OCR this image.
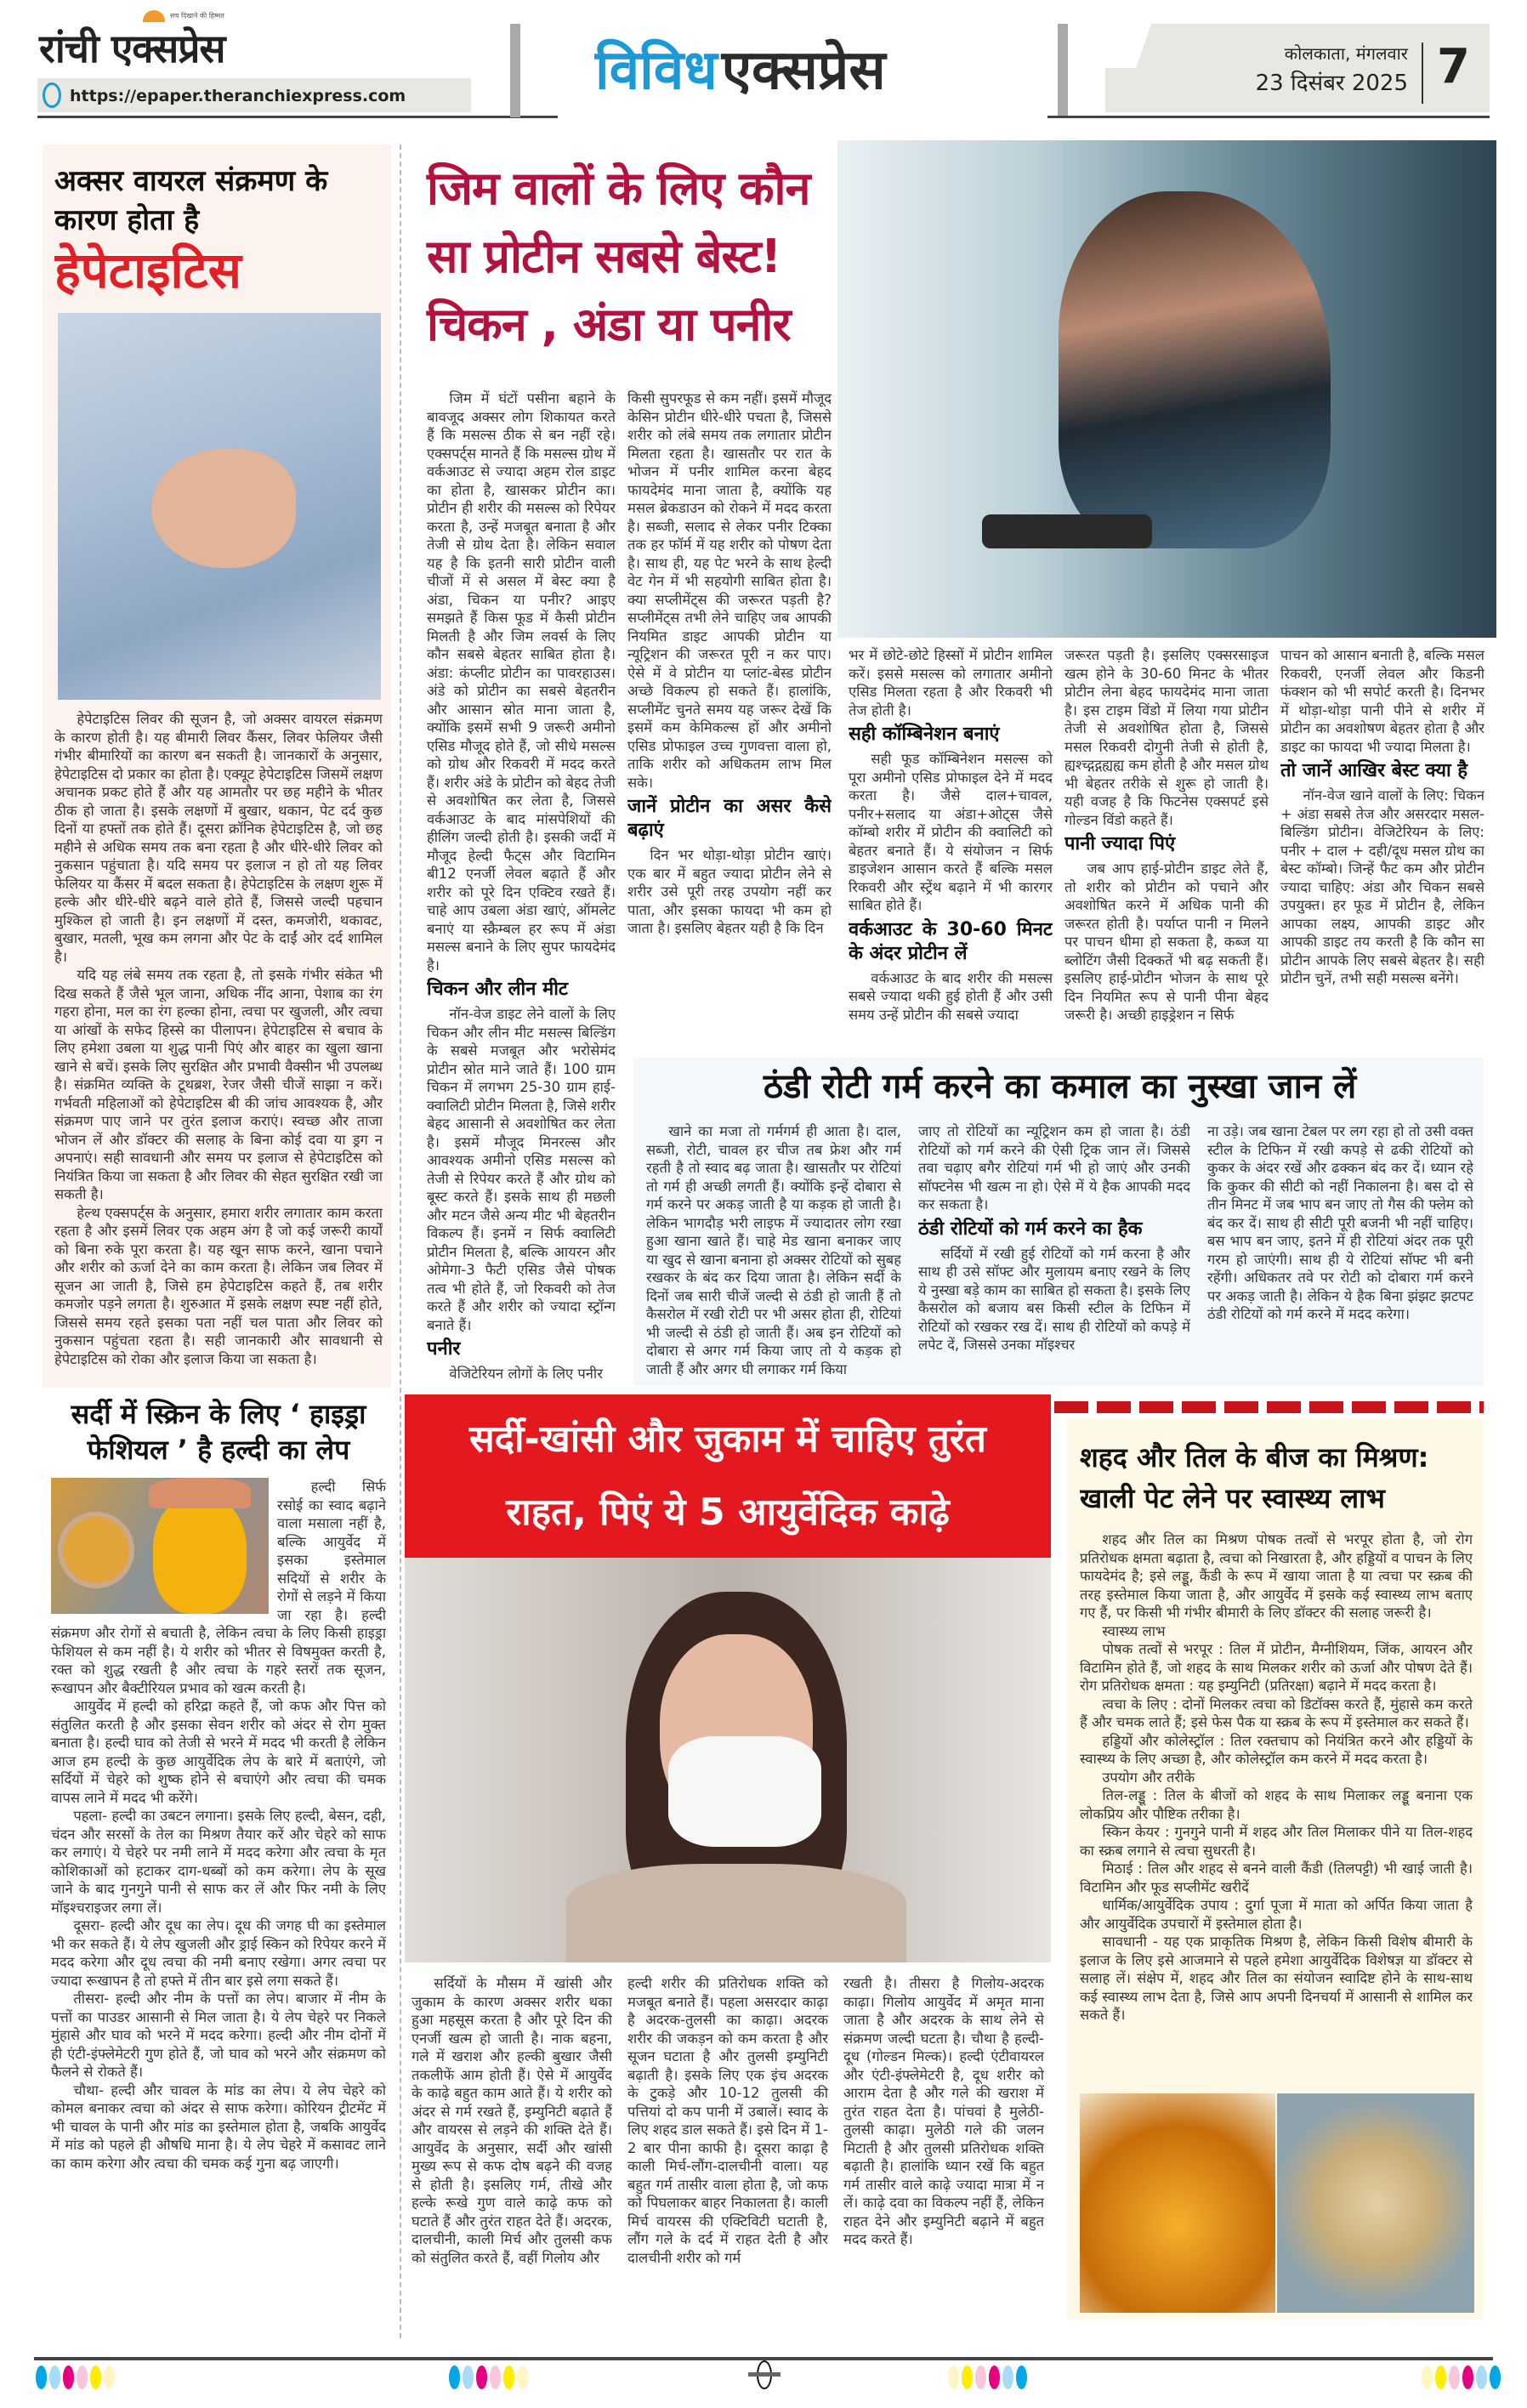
सच दिखाने की हिम्मत
रांची एक्सप्रेस
https://epaper.theranchiexpress.com	विविध एक्सप्रेस	कोलकाता, मंगलवार
23 दिसंबर 2025 7
अक्सर वायरल संक्रमण के
कारण होता है
हेपेटाइटिस

हेपेटाइटिस लिवर की सूजन है, जो अक्सर वायरल संक्रमण के कारण होती है। यह बीमारी लिवर कैंसर, लिवर फेलियर जैसी गंभीर बीमारियों का कारण बन सकती है। जानकारों के अनुसार, हेपेटाइटिस दो प्रकार का होता है। एक्यूट हेपेटाइटिस जिसमें लक्षण अचानक प्रकट होते हैं और यह आमतौर पर छह महीने के भीतर ठीक हो जाता है। इसके लक्षणों में बुखार, थकान, पेट दर्द कुछ दिनों या हफ्तों तक होते हैं। दूसरा क्रॉनिक हेपेटाइटिस है, जो छह महीने से अधिक समय तक बना रहता है और धीरे-धीरे लिवर को नुकसान पहुंचाता है। यदि समय पर इलाज न हो तो यह लिवर फेलियर या कैंसर में बदल सकता है। हेपेटाइटिस के लक्षण शुरू में हल्के और धीरे-धीरे बढ़ने वाले होते हैं, जिससे जल्दी पहचान मुश्किल हो जाती है। इन लक्षणों में दस्त, कमजोरी, थकावट, बुखार, मतली, भूख कम लगना और पेट के दाईं ओर दर्द शामिल है।

यदि यह लंबे समय तक रहता है, तो इसके गंभीर संकेत भी दिख सकते हैं जैसे भूल जाना, अधिक नींद आना, पेशाब का रंग गहरा होना, मल का रंग हल्का होना, त्वचा पर खुजली, और त्वचा या आंखों के सफेद हिस्से का पीलापन। हेपेटाइटिस से बचाव के लिए हमेशा उबला या शुद्ध पानी पिएं और बाहर का खुला खाना खाने से बचें। इसके लिए सुरक्षित और प्रभावी वैक्सीन भी उपलब्ध है। संक्रमित व्यक्ति के टूथब्रश, रेजर जैसी चीजें साझा न करें। गर्भवती महिलाओं को हेपेटाइटिस बी की जांच आवश्यक है, और संक्रमण पाए जाने पर तुरंत इलाज कराएं। स्वच्छ और ताजा भोजन लें और डॉक्टर की सलाह के बिना कोई दवा या ड्रग न अपनाएं। सही सावधानी और समय पर इलाज से हेपेटाइटिस को नियंत्रित किया जा सकता है और लिवर की सेहत सुरक्षित रखी जा सकती है।

हेल्थ एक्सपर्ट्स के अनुसार, हमारा शरीर लगातार काम करता रहता है और इसमें लिवर एक अहम अंग है जो कई जरूरी कार्यों को बिना रुके पूरा करता है। यह खून साफ करने, खाना पचाने और शरीर को ऊर्जा देने का काम करता है। लेकिन जब लिवर में सूजन आ जाती है, जिसे हम हेपेटाइटिस कहते हैं, तब शरीर कमजोर पड़ने लगता है। शुरुआत में इसके लक्षण स्पष्ट नहीं होते, जिससे समय रहते इसका पता नहीं चल पाता और लिवर को नुकसान पहुंचता रहता है। सही जानकारी और सावधानी से हेपेटाइटिस को रोका और इलाज किया जा सकता है।

सर्दी में स्क्रिन के लिए ‘ हाइड्रा फेशियल ’ है हल्दी का लेप

हल्दी सिर्फ रसोई का स्वाद बढ़ाने वाला मसाला नहीं है, बल्कि आयुर्वेद में इसका इस्तेमाल सदियों से शरीर के रोगों से लड़ने में किया जा रहा है। हल्दी संक्रमण और रोगों से बचाती है, लेकिन त्वचा के लिए किसी हाइड्रा फेशियल से कम नहीं है। ये शरीर को भीतर से विषमुक्त करती है, रक्त को शुद्ध रखती है और त्वचा के गहरे स्तरों तक सूजन, रूखापन और बैक्टीरियल प्रभाव को खत्म करती है।

आयुर्वेद में हल्दी को हरिद्रा कहते हैं, जो कफ और पित्त को संतुलित करती है और इसका सेवन शरीर को अंदर से रोग मुक्त बनाता है। हल्दी घाव को तेजी से भरने में मदद भी करती है लेकिन आज हम हल्दी के कुछ आयुर्वेदिक लेप के बारे में बताएंगे, जो सर्दियों में चेहरे को शुष्क होने से बचाएंगे और त्वचा की चमक वापस लाने में मदद भी करेंगे।

पहला- हल्दी का उबटन लगाना। इसके लिए हल्दी, बेसन, दही, चंदन और सरसों के तेल का मिश्रण तैयार करें और चेहरे को साफ कर लगाएं। ये चेहरे पर नमी लाने में मदद करेगा और त्वचा के मृत कोशिकाओं को हटाकर दाग-धब्बों को कम करेगा। लेप के सूख जाने के बाद गुनगुने पानी से साफ कर लें और फिर नमी के लिए मॉइश्चराइजर लगा लें।

दूसरा- हल्दी और दूध का लेप। दूध की जगह घी का इस्तेमाल भी कर सकते हैं। ये लेप खुजली और ड्राई स्किन को रिपेयर करने में मदद करेगा और दूध त्वचा की नमी बनाए रखेगा। अगर त्वचा पर ज्यादा रूखापन है तो हफ्ते में तीन बार इसे लगा सकते हैं।

तीसरा- हल्दी और नीम के पत्तों का लेप। बाजार में नीम के पत्तों का पाउडर आसानी से मिल जाता है। ये लेप चेहरे पर निकले मुंहासे और घाव को भरने में मदद करेगा। हल्दी और नीम दोनों में ही एंटी-इंफ्लेमेटरी गुण होते हैं, जो घाव को भरने और संक्रमण को फैलने से रोकते हैं।

चौथा- हल्दी और चावल के मांड का लेप। ये लेप चेहरे को कोमल बनाकर त्वचा को अंदर से साफ करेगा। कोरियन ट्रीटमेंट में भी चावल के पानी और मांड का इस्तेमाल होता है, जबकि आयुर्वेद में मांड को पहले ही औषधि माना है। ये लेप चेहरे में कसावट लाने का काम करेगा और त्वचा की चमक कई गुना बढ़ जाएगी।

जिम वालों के लिए कौन
सा प्रोटीन सबसे बेस्ट!
चिकन , अंडा या पनीर

जिम में घंटों पसीना बहाने के बावजूद अक्सर लोग शिकायत करते हैं कि मसल्स ठीक से बन नहीं रहे। एक्सपर्ट्स मानते हैं कि मसल्स ग्रोथ में वर्कआउट से ज्यादा अहम रोल डाइट का होता है, खासकर प्रोटीन का। प्रोटीन ही शरीर की मसल्स को रिपेयर करता है, उन्हें मजबूत बनाता है और तेजी से ग्रोथ देता है। लेकिन सवाल यह है कि इतनी सारी प्रोटीन वाली चीजों में से असल में बेस्ट क्या है अंडा, चिकन या पनीर? आइए समझते हैं किस फूड में कैसी प्रोटीन मिलती है और जिम लवर्स के लिए कौन सबसे बेहतर साबित होता है। अंडा: कंप्लीट प्रोटीन का पावरहाउस। अंडे को प्रोटीन का सबसे बेहतरीन और आसान स्रोत माना जाता है, क्योंकि इसमें सभी 9 जरूरी अमीनो एसिड मौजूद होते हैं, जो सीधे मसल्स को ग्रोथ और रिकवरी में मदद करते हैं। शरीर अंडे के प्रोटीन को बेहद तेजी से अवशोषित कर लेता है, जिससे वर्कआउट के बाद मांसपेशियों की हीलिंग जल्दी होती है। इसकी जर्दी में मौजूद हेल्दी फैट्स और विटामिन बी12 एनर्जी लेवल बढ़ाते हैं और शरीर को पूरे दिन एक्टिव रखते हैं। चाहे आप उबला अंडा खाएं, ऑमलेट बनाएं या स्क्रैम्बल हर रूप में अंडा मसल्स बनाने के लिए सुपर फायदेमंद है।

चिकन और लीन मीट

नॉन-वेज डाइट लेने वालों के लिए चिकन और लीन मीट मसल्स बिल्डिंग के सबसे मजबूत और भरोसेमंद प्रोटीन स्रोत माने जाते हैं। 100 ग्राम चिकन में लगभग 25-30 ग्राम हाई-क्वालिटी प्रोटीन मिलता है, जिसे शरीर बेहद आसानी से अवशोषित कर लेता है। इसमें मौजूद मिनरल्स और आवश्यक अमीनो एसिड मसल्स को तेजी से रिपेयर करते हैं और ग्रोथ को बूस्ट करते हैं। इसके साथ ही मछली और मटन जैसे अन्य मीट भी बेहतरीन विकल्प हैं। इनमें न सिर्फ क्वालिटी प्रोटीन मिलता है, बल्कि आयरन और ओमेगा-3 फैटी एसिड जैसे पोषक तत्व भी होते हैं, जो रिकवरी को तेज करते हैं और शरीर को ज्यादा स्ट्रॉन्ग बनाते हैं।

पनीर

वेजिटेरियन लोगों के लिए पनीर

किसी सुपरफूड से कम नहीं। इसमें मौजूद केसिन प्रोटीन धीरे-धीरे पचता है, जिससे शरीर को लंबे समय तक लगातार प्रोटीन मिलता रहता है। खासतौर पर रात के भोजन में पनीर शामिल करना बेहद फायदेमंद माना जाता है, क्योंकि यह मसल ब्रेकडाउन को रोकने में मदद करता है। सब्जी, सलाद से लेकर पनीर टिक्का तक हर फॉर्म में यह शरीर को पोषण देता है। साथ ही, यह पेट भरने के साथ हेल्दी वेट गेन में भी सहयोगी साबित होता है। क्या सप्लीमेंट्स की जरूरत पड़ती है? सप्लीमेंट्स तभी लेने चाहिए जब आपकी नियमित डाइट आपकी प्रोटीन या न्यूट्रिशन की जरूरत पूरी न कर पाए। ऐसे में वे प्रोटीन या प्लांट-बेस्ड प्रोटीन अच्छे विकल्प हो सकते हैं। हालांकि, सप्लीमेंट चुनते समय यह जरूर देखें कि इसमें कम केमिकल्स हों और अमीनो एसिड प्रोफाइल उच्च गुणवत्ता वाला हो, ताकि शरीर को अधिकतम लाभ मिल सके।

जानें प्रोटीन का असर कैसे बढ़ाएं

दिन भर थोड़ा-थोड़ा प्रोटीन खाएं। एक बार में बहुत ज्यादा प्रोटीन लेने से शरीर उसे पूरी तरह उपयोग नहीं कर पाता, और इसका फायदा भी कम हो जाता है। इसलिए बेहतर यही है कि दिन

भर में छोटे-छोटे हिस्सों में प्रोटीन शामिल करें। इससे मसल्स को लगातार अमीनो एसिड मिलता रहता है और रिकवरी भी तेज होती है।

सही कॉम्बिनेशन बनाएं

सही फूड कॉम्बिनेशन मसल्स को पूरा अमीनो एसिड प्रोफाइल देने में मदद करता है। जैसे दाल+चावल, पनीर+सलाद या अंडा+ओट्स जैसे कॉम्बो शरीर में प्रोटीन की क्वालिटी को बेहतर बनाते हैं। ये संयोजन न सिर्फ डाइजेशन आसान करते हैं बल्कि मसल रिकवरी और स्ट्रेंथ बढ़ाने में भी कारगर साबित होते हैं।

वर्कआउट के 30-60 मिनट के अंदर प्रोटीन लें

वर्कआउट के बाद शरीर की मसल्स सबसे ज्यादा थकी हुई होती हैं और उसी समय उन्हें प्रोटीन की सबसे ज्यादा

जरूरत पड़ती है। इसलिए एक्सरसाइज खत्म होने के 30-60 मिनट के भीतर प्रोटीन लेना बेहद फायदेमंद माना जाता है। इस टाइम विंडो में लिया गया प्रोटीन तेजी से अवशोषित होता है, जिससे मसल रिकवरी दोगुनी तेजी से होती है, ह्यश्च्द्गद्गह्यह्य कम होती है और मसल ग्रोथ भी बेहतर तरीके से शुरू हो जाती है। यही वजह है कि फिटनेस एक्सपर्ट इसे गोल्डन विंडो कहते हैं।

पानी ज्यादा पिएं

जब आप हाई-प्रोटीन डाइट लेते हैं, तो शरीर को प्रोटीन को पचाने और अवशोषित करने में अधिक पानी की जरूरत होती है। पर्याप्त पानी न मिलने पर पाचन धीमा हो सकता है, कब्ज या ब्लोटिंग जैसी दिक्कतें भी बढ़ सकती हैं। इसलिए हाई-प्रोटीन भोजन के साथ पूरे दिन नियमित रूप से पानी पीना बेहद जरूरी है। अच्छी हाइड्रेशन न सिर्फ

पाचन को आसान बनाती है, बल्कि मसल रिकवरी, एनर्जी लेवल और किडनी फंक्शन को भी सपोर्ट करती है। दिनभर में थोड़ा-थोड़ा पानी पीने से शरीर में प्रोटीन का अवशोषण बेहतर होता है और डाइट का फायदा भी ज्यादा मिलता है।

तो जानें आखिर बेस्ट क्या है

नॉन-वेज खाने वालों के लिए: चिकन + अंडा सबसे तेज और असरदार मसल-बिल्डिंग प्रोटीन। वेजिटेरियन के लिए: पनीर + दाल + दही/दूध मसल ग्रोथ का बेस्ट कॉम्बो। जिन्हें फैट कम और प्रोटीन ज्यादा चाहिए: अंडा और चिकन सबसे उपयुक्त। हर फूड में प्रोटीन है, लेकिन आपका लक्ष्य, आपकी डाइट और आपकी डाइट तय करती है कि कौन सा प्रोटीन आपके लिए सबसे बेहतर है। सही प्रोटीन चुनें, तभी सही मसल्स बनेंगे।

ठंडी रोटी गर्म करने का कमाल का नुस्खा जान लें

खाने का मजा तो गर्मगर्म ही आता है। दाल, सब्जी, रोटी, चावल हर चीज तब फ्रेश और गर्म रहती है तो स्वाद बढ़ जाता है। खासतौर पर रोटियां तो गर्म ही अच्छी लगती हैं। क्योंकि इन्हें दोबारा से गर्म करने पर अकड़ जाती है या कड़क हो जाती है। लेकिन भागदौड़ भरी लाइफ में ज्यादातर लोग रखा हुआ खाना खाते हैं। चाहे मेड खाना बनाकर जाए या खुद से खाना बनाना हो अक्सर रोटियों को सुबह रखकर के बंद कर दिया जाता है। लेकिन सर्दी के दिनों जब सारी चीजें जल्दी से ठंडी हो जाती हैं तो कैसरोल में रखी रोटी पर भी असर होता ही, रोटियां भी जल्दी से ठंडी हो जाती हैं। अब इन रोटियों को दोबारा से अगर गर्म किया जाए तो ये कड़क हो जाती हैं और अगर घी लगाकर गर्म किया

जाए तो रोटियों का न्यूट्रिशन कम हो जाता है। ठंडी रोटियों को गर्म करने की ऐसी ट्रिक जान लें। जिससे तवा चढ़ाए बगैर रोटियां गर्म भी हो जाएं और उनकी सॉफ्टनेस भी खत्म ना हो। ऐसे में ये हैक आपकी मदद कर सकता है।

ठंडी रोटियों को गर्म करने का हैक

सर्दियों में रखी हुई रोटियों को गर्म करना है और साथ ही उसे सॉफ्ट और मुलायम बनाए रखने के लिए ये नुस्खा बड़े काम का साबित हो सकता है। इसके लिए कैसरोल को बजाय बस किसी स्टील के टिफिन में रोटियों को रखकर रख दें। साथ ही रोटियों को कपड़े में लपेट दें, जिससे उनका मॉइश्चर

ना उड़े। जब खाना टेबल पर लग रहा हो तो उसी वक्त स्टील के टिफिन में रखी कपड़े से ढकी रोटियों को कुकर के अंदर रखें और ढक्कन बंद कर दें। ध्यान रहे कि कुकर की सीटी को नहीं निकालना है। बस दो से तीन मिनट में जब भाप बन जाए तो गैस की फ्लेम को बंद कर दें। साथ ही सीटी पूरी बजनी भी नहीं चाहिए। बस भाप बन जाए, इतने में ही रोटियां अंदर तक पूरी गरम हो जाएंगी। साथ ही ये रोटियां सॉफ्ट भी बनी रहेंगी। अधिकतर तवे पर रोटी को दोबारा गर्म करने पर अकड़ जाती है। लेकिन ये हैक बिना झंझट झटपट ठंडी रोटियों को गर्म करने में मदद करेगा।

सर्दी-खांसी और जुकाम में चाहिए तुरंत
राहत, पिएं ये 5 आयुर्वेदिक काढ़े

सर्दियों के मौसम में खांसी और जुकाम के कारण अक्सर शरीर थका हुआ महसूस करता है और पूरे दिन की एनर्जी खत्म हो जाती है। नाक बहना, गले में खराश और हल्की बुखार जैसी तकलीफें आम होती हैं। ऐसे में आयुर्वेद के काढ़े बहुत काम आते हैं। ये शरीर को अंदर से गर्म रखते हैं, इम्युनिटी बढ़ाते हैं और वायरस से लड़ने की शक्ति देते हैं। आयुर्वेद के अनुसार, सर्दी और खांसी मुख्य रूप से कफ दोष बढ़ने की वजह से होती है। इसलिए गर्म, तीखे और हल्के रूखे गुण वाले काढ़े कफ को घटाते हैं और तुरंत राहत देते हैं। अदरक, दालचीनी, काली मिर्च और तुलसी कफ को संतुलित करते हैं, वहीं गिलोय और

हल्दी शरीर की प्रतिरोधक शक्ति को मजबूत बनाते हैं। पहला असरदार काढ़ा है अदरक-तुलसी का काढ़ा। अदरक शरीर की जकड़न को कम करता है और सूजन घटाता है और तुलसी इम्युनिटी बढ़ाती है। इसके लिए एक इंच अदरक के टुकड़े और 10-12 तुलसी की पत्तियां दो कप पानी में उबालें। स्वाद के लिए शहद डाल सकते हैं। इसे दिन में 1-2 बार पीना काफी है। दूसरा काढ़ा है काली मिर्च-लौंग-दालचीनी वाला। यह बहुत गर्म तासीर वाला होता है, जो कफ को पिघलाकर बाहर निकालता है। काली मिर्च वायरस की एक्टिविटी घटाती है, लौंग गले के दर्द में राहत देती है और दालचीनी शरीर को गर्म

रखती है। तीसरा है गिलोय-अदरक काढ़ा। गिलोय आयुर्वेद में अमृत माना जाता है और अदरक के साथ लेने से संक्रमण जल्दी घटता है। चौथा है हल्दी-दूध (गोल्डन मिल्क)। हल्दी एंटीवायरल और एंटी-इंफ्लेमेटरी है, दूध शरीर को आराम देता है और गले की खराश में तुरंत राहत देता है। पांचवां है मुलेठी-तुलसी काढ़ा। मुलेठी गले की जलन मिटाती है और तुलसी प्रतिरोधक शक्ति बढ़ाती है। हालांकि ध्यान रखें कि बहुत गर्म तासीर वाले काढ़े ज्यादा मात्रा में न लें। काढ़े दवा का विकल्प नहीं हैं, लेकिन राहत देने और इम्युनिटी बढ़ाने में बहुत मदद करते हैं।

शहद और तिल के बीज का मिश्रण:
खाली पेट लेने पर स्वास्थ्य लाभ

शहद और तिल का मिश्रण पोषक तत्वों से भरपूर होता है, जो रोग प्रतिरोधक क्षमता बढ़ाता है, त्वचा को निखारता है, और हड्डियों व पाचन के लिए फायदेमंद है; इसे लड्डू, कैंडी के रूप में खाया जाता है या त्वचा पर स्क्रब की तरह इस्तेमाल किया जाता है, और आयुर्वेद में इसके कई स्वास्थ्य लाभ बताए गए हैं, पर किसी भी गंभीर बीमारी के लिए डॉक्टर की सलाह जरूरी है।

स्वास्थ्य लाभ

पोषक तत्वों से भरपूर : तिल में प्रोटीन, मैग्नीशियम, जिंक, आयरन और विटामिन होते हैं, जो शहद के साथ मिलकर शरीर को ऊर्जा और पोषण देते हैं। रोग प्रतिरोधक क्षमता : यह इम्युनिटी (प्रतिरक्षा) बढ़ाने में मदद करता है।

त्वचा के लिए : दोनों मिलकर त्वचा को डिटॉक्स करते हैं, मुंहासे कम करते हैं और चमक लाते हैं; इसे फेस पैक या स्क्रब के रूप में इस्तेमाल कर सकते हैं।

हड्डियों और कोलेस्ट्रॉल : तिल रक्तचाप को नियंत्रित करने और हड्डियों के स्वास्थ्य के लिए अच्छा है, और कोलेस्ट्रॉल कम करने में मदद करता है।

उपयोग और तरीके

तिल-लड्डू : तिल के बीजों को शहद के साथ मिलाकर लड्डू बनाना एक लोकप्रिय और पौष्टिक तरीका है।

स्किन केयर : गुनगुने पानी में शहद और तिल मिलाकर पीने या तिल-शहद का स्क्रब लगाने से त्वचा सुधरती है।

मिठाई : तिल और शहद से बनने वाली कैंडी (तिलपट्टी) भी खाई जाती है। विटामिन और फूड सप्लीमेंट खरीदें

धार्मिक/आयुर्वेदिक उपाय : दुर्गा पूजा में माता को अर्पित किया जाता है और आयुर्वेदिक उपचारों में इस्तेमाल होता है।

सावधानी - यह एक प्राकृतिक मिश्रण है, लेकिन किसी विशेष बीमारी के इलाज के लिए इसे आजमाने से पहले हमेशा आयुर्वेदिक विशेषज्ञ या डॉक्टर से सलाह लें। संक्षेप में, शहद और तिल का संयोजन स्वादिष्ट होने के साथ-साथ कई स्वास्थ्य लाभ देता है, जिसे आप अपनी दिनचर्या में आसानी से शामिल कर सकते हैं।
